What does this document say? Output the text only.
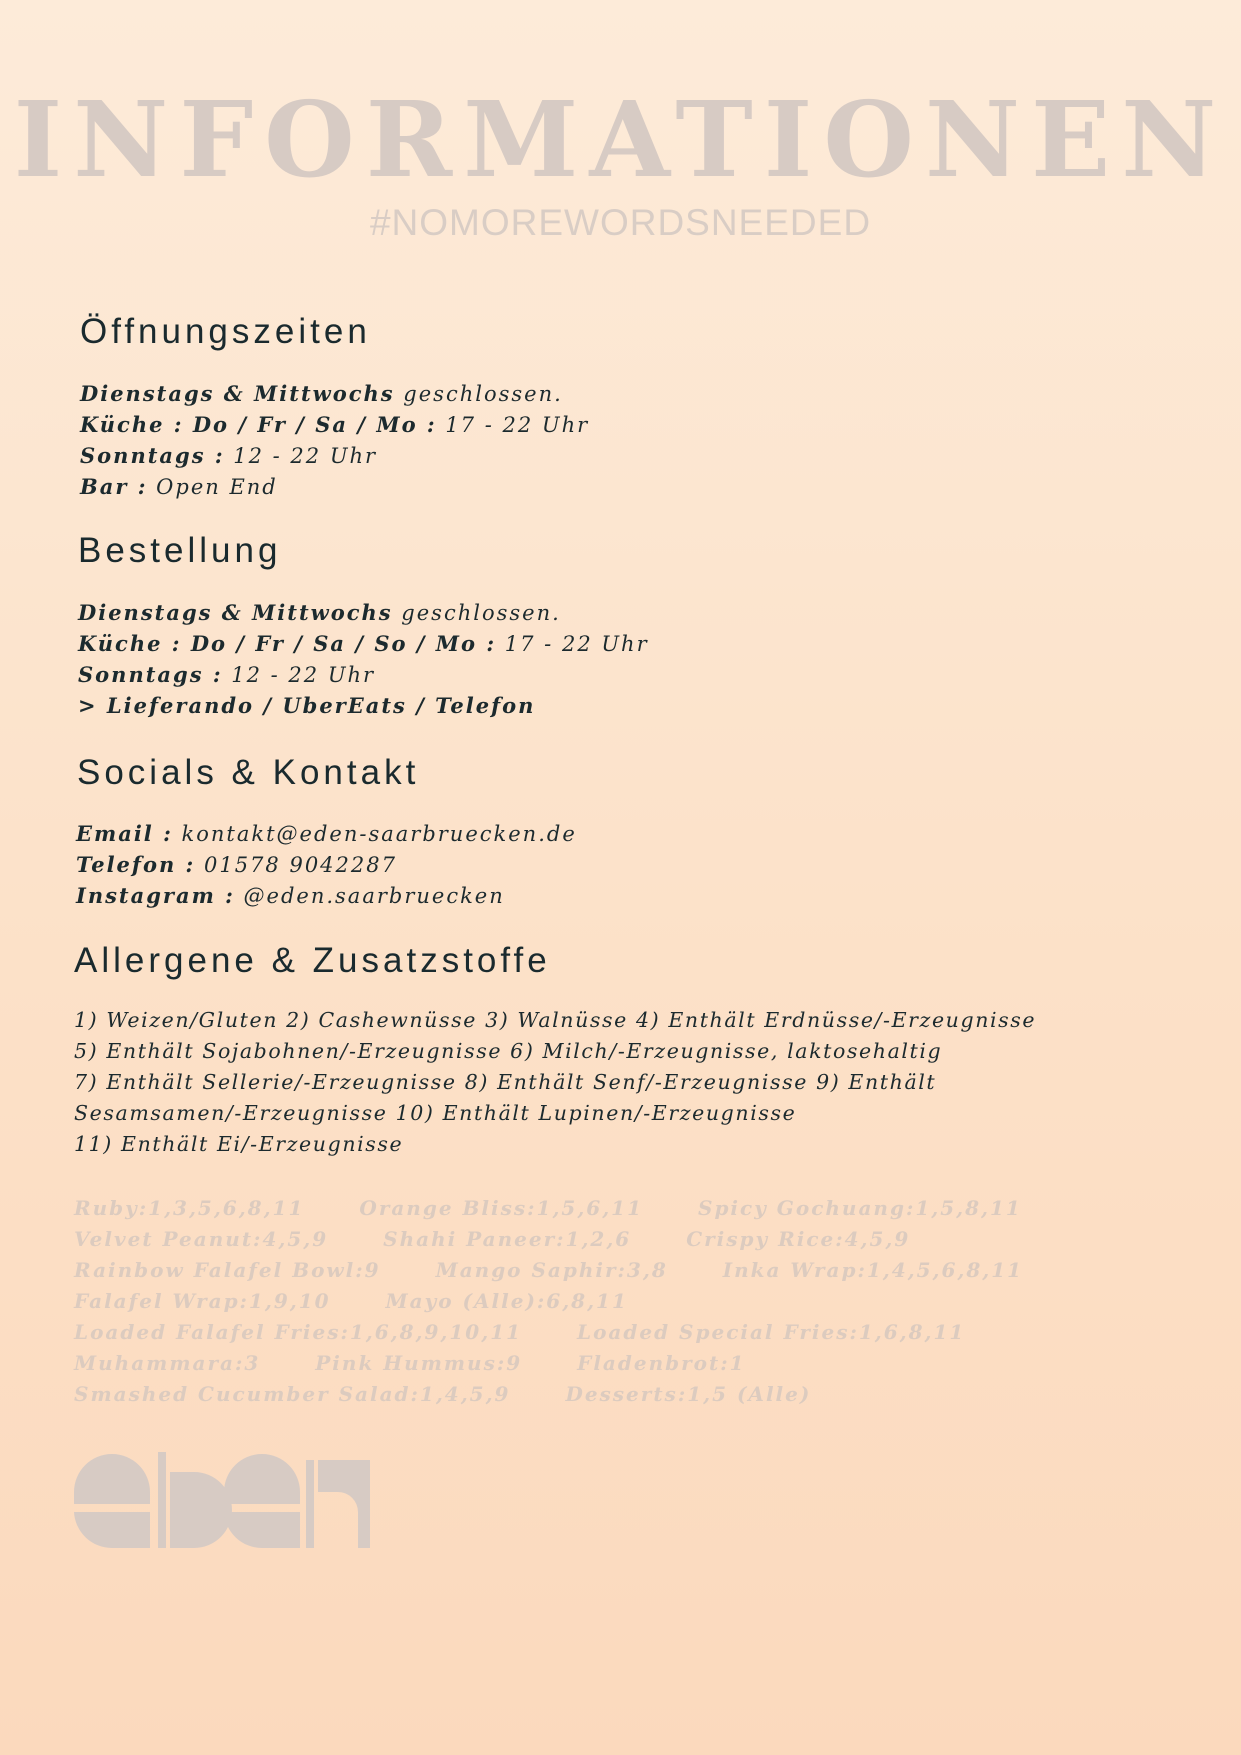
INFORMATIONEN
#NOMOREWORDSNEEDED
Öffnungszeiten
Dienstags & Mittwochs geschlossen.
Küche : Do / Fr / Sa / Mo : 17 - 22 Uhr
Sonntags : 12 - 22 Uhr
Bar : Open End
Bestellung
Dienstags & Mittwochs geschlossen.
Küche : Do / Fr / Sa / So / Mo : 17 - 22 Uhr
Sonntags : 12 - 22 Uhr
> Lieferando / UberEats / Telefon
Socials & Kontakt
Email : kontakt@eden-saarbruecken.de
Telefon : 01578 9042287
Instagram : @eden.saarbruecken
Allergene & Zusatzstoffe
1) Weizen/Gluten 2) Cashewnüsse 3) Walnüsse 4) Enthält Erdnüsse/-Erzeugnisse
5) Enthält Sojabohnen/-Erzeugnisse 6) Milch/-Erzeugnisse, laktosehaltig
7) Enthält Sellerie/-Erzeugnisse 8) Enthält Senf/-Erzeugnisse 9) Enthält
Sesamsamen/-Erzeugnisse 10) Enthält Lupinen/-Erzeugnisse
11) Enthält Ei/-Erzeugnisse
Ruby:1,3,5,6,8,11	Orange Bliss:1,5,6,11	Spicy Gochuang:1,5,8,11
Velvet Peanut:4,5,9	Shahi Paneer:1,2,6	Crispy Rice:4,5,9
Rainbow Falafel Bowl:9	Mango Saphir:3,8	Inka Wrap:1,4,5,6,8,11
Falafel Wrap:1,9,10	Mayo (Alle):6,8,11
Loaded Falafel Fries:1,6,8,9,10,11	Loaded Special Fries:1,6,8,11
Muhammara:3	Pink Hummus:9	Fladenbrot:1
Smashed Cucumber Salad:1,4,5,9	Desserts:1,5 (Alle)
